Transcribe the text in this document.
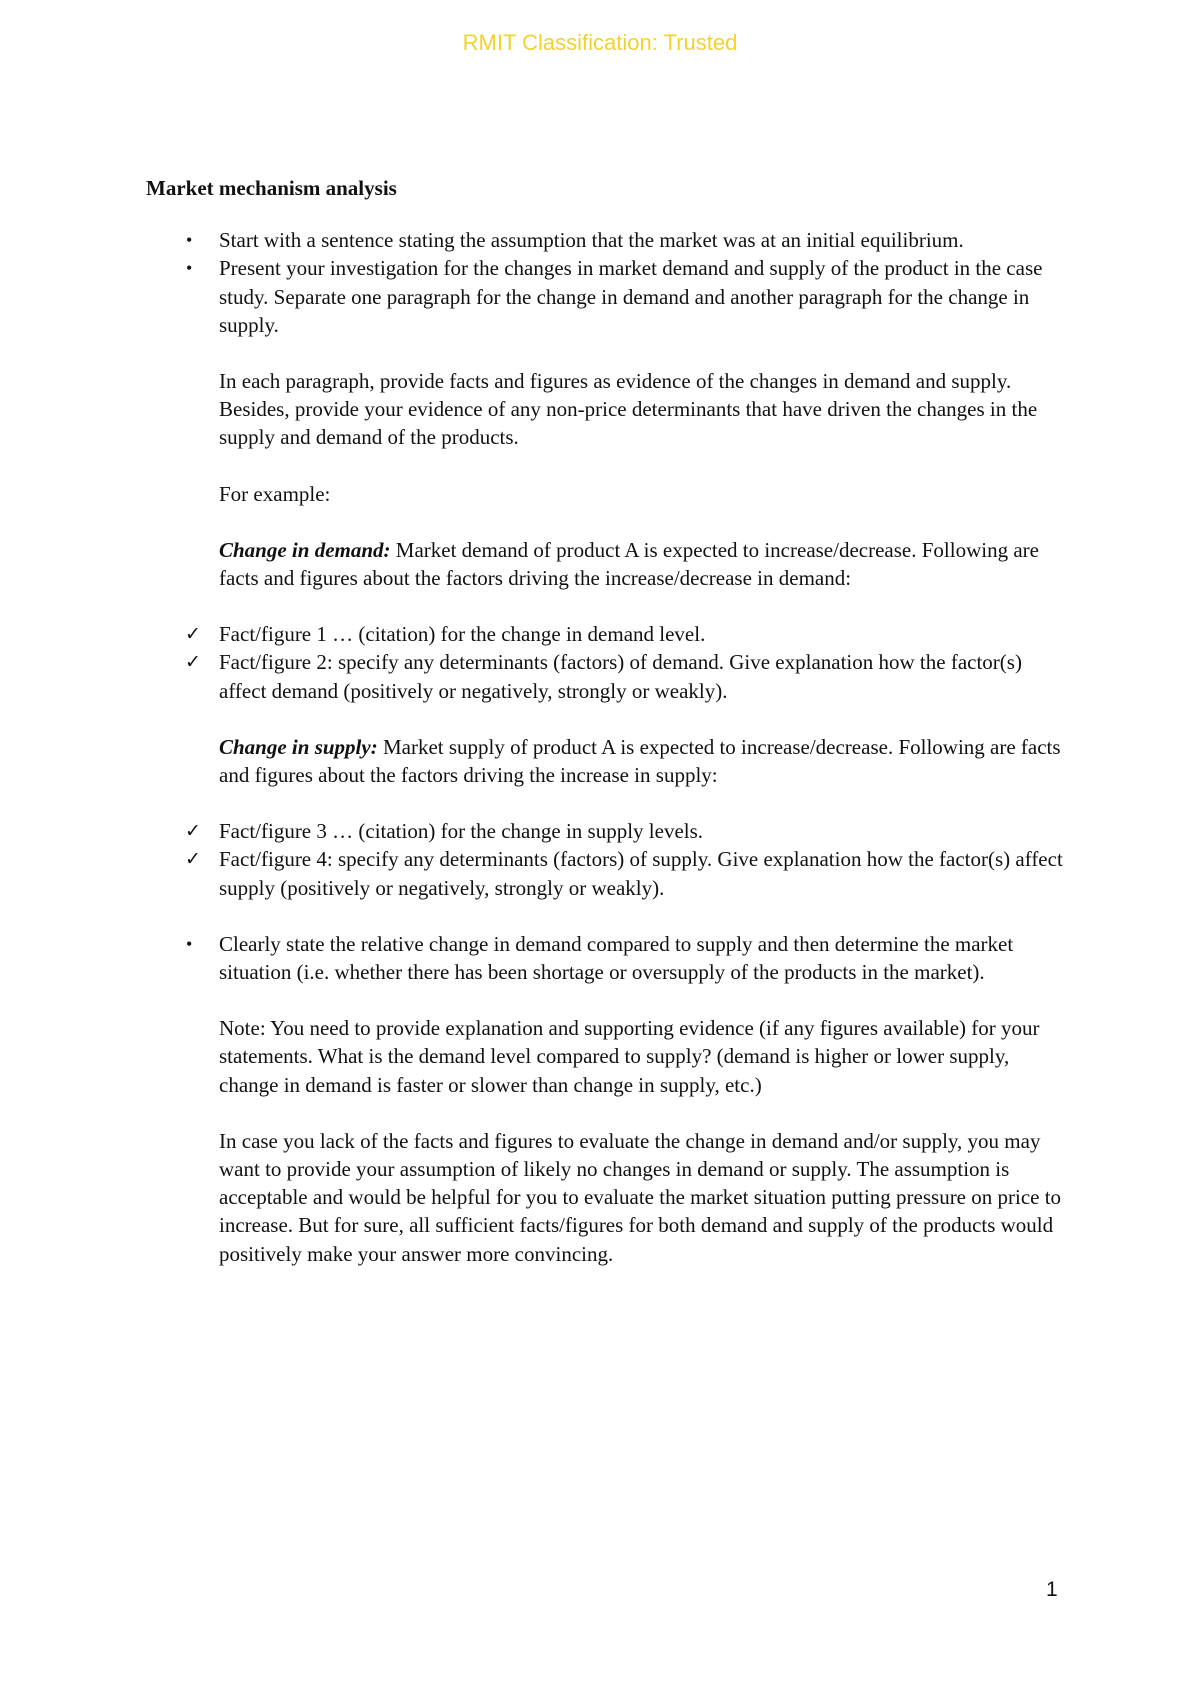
RMIT Classification: Trusted
Market mechanism analysis
• Start with a sentence stating the assumption that the market was at an initial equilibrium.

• Present your investigation for the changes in market demand and supply of the product in the case study. Separate one paragraph for the change in demand and another paragraph for the change in supply.

In each paragraph, provide facts and figures as evidence of the changes in demand and supply. Besides, provide your evidence of any non-price determinants that have driven the changes in the supply and demand of the products.

For example:

Change in demand: Market demand of product A is expected to increase/decrease. Following are facts and figures about the factors driving the increase/decrease in demand:

✓ Fact/figure 1 … (citation) for the change in demand level.
✓ Fact/figure 2: specify any determinants (factors) of demand. Give explanation how the factor(s) affect demand (positively or negatively, strongly or weakly).

Change in supply: Market supply of product A is expected to increase/decrease. Following are facts and figures about the factors driving the increase in supply:

✓ Fact/figure 3 … (citation) for the change in supply levels.
✓ Fact/figure 4: specify any determinants (factors) of supply. Give explanation how the factor(s) affect supply (positively or negatively, strongly or weakly).
• Clearly state the relative change in demand compared to supply and then determine the market situation (i.e. whether there has been shortage or oversupply of the products in the market).

Note: You need to provide explanation and supporting evidence (if any figures available) for your statements. What is the demand level compared to supply? (demand is higher or lower supply, change in demand is faster or slower than change in supply, etc.)

In case you lack of the facts and figures to evaluate the change in demand and/or supply, you may want to provide your assumption of likely no changes in demand or supply. The assumption is acceptable and would be helpful for you to evaluate the market situation putting pressure on price to increase. But for sure, all sufficient facts/figures for both demand and supply of the products would positively make your answer more convincing.

1
